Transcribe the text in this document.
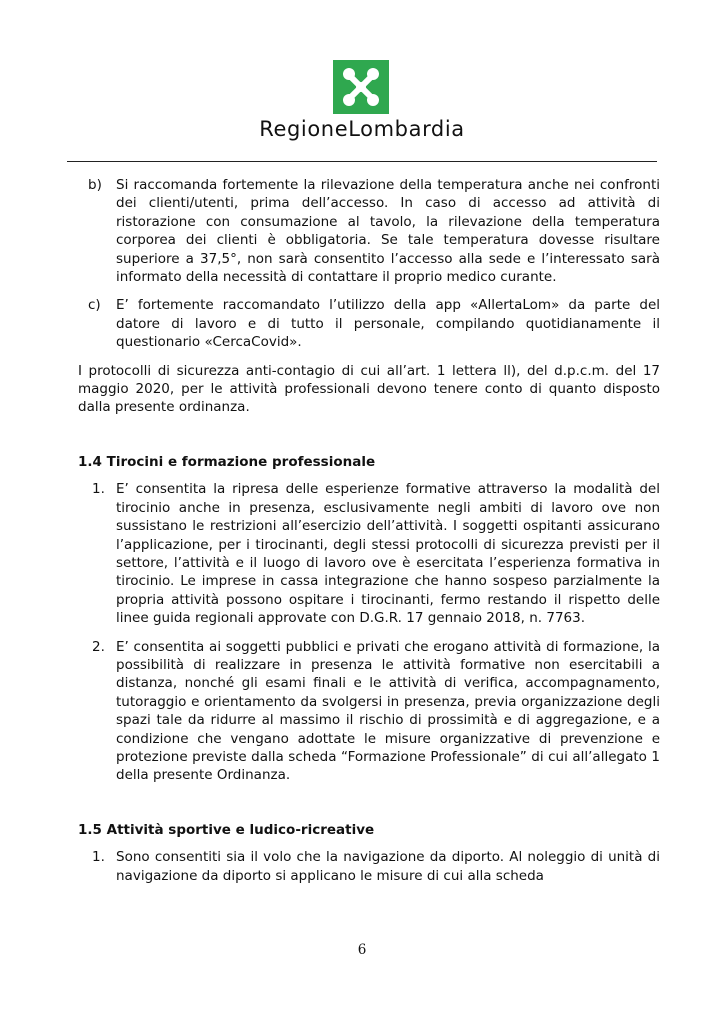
RegioneLombardia
b) Si raccomanda fortemente la rilevazione della temperatura anche nei confronti dei clienti/utenti, prima dell’accesso. In caso di accesso ad attività di ristorazione con consumazione al tavolo, la rilevazione della temperatura corporea dei clienti è obbligatoria. Se tale temperatura dovesse risultare superiore a 37,5°, non sarà consentito l’accesso alla sede e l’interessato sarà informato della necessità di contattare il proprio medico curante.
c) E’ fortemente raccomandato l’utilizzo della app «AllertaLom» da parte del datore di lavoro e di tutto il personale, compilando quotidianamente il questionario «CercaCovid».
I protocolli di sicurezza anti-contagio di cui all’art. 1 lettera ll), del d.p.c.m. del 17 maggio 2020, per le attività professionali devono tenere conto di quanto disposto dalla presente ordinanza.
1.4 Tirocini e formazione professionale
1. E’ consentita la ripresa delle esperienze formative attraverso la modalità del tirocinio anche in presenza, esclusivamente negli ambiti di lavoro ove non sussistano le restrizioni all’esercizio dell’attività. I soggetti ospitanti assicurano l’applicazione, per i tirocinanti, degli stessi protocolli di sicurezza previsti per il settore, l’attività e il luogo di lavoro ove è esercitata l’esperienza formativa in tirocinio. Le imprese in cassa integrazione che hanno sospeso parzialmente la propria attività possono ospitare i tirocinanti, fermo restando il rispetto delle linee guida regionali approvate con D.G.R. 17 gennaio 2018, n. 7763.
2. E’ consentita ai soggetti pubblici e privati che erogano attività di formazione, la possibilità di realizzare in presenza le attività formative non esercitabili a distanza, nonché gli esami finali e le attività di verifica, accompagnamento, tutoraggio e orientamento da svolgersi in presenza, previa organizzazione degli spazi tale da ridurre al massimo il rischio di prossimità e di aggregazione, e a condizione che vengano adottate le misure organizzative di prevenzione e protezione previste dalla scheda “Formazione Professionale” di cui all’allegato 1 della presente Ordinanza.
1.5 Attività sportive e ludico-ricreative
1. Sono consentiti sia il volo che la navigazione da diporto. Al noleggio di unità di navigazione da diporto si applicano le misure di cui alla scheda
6
